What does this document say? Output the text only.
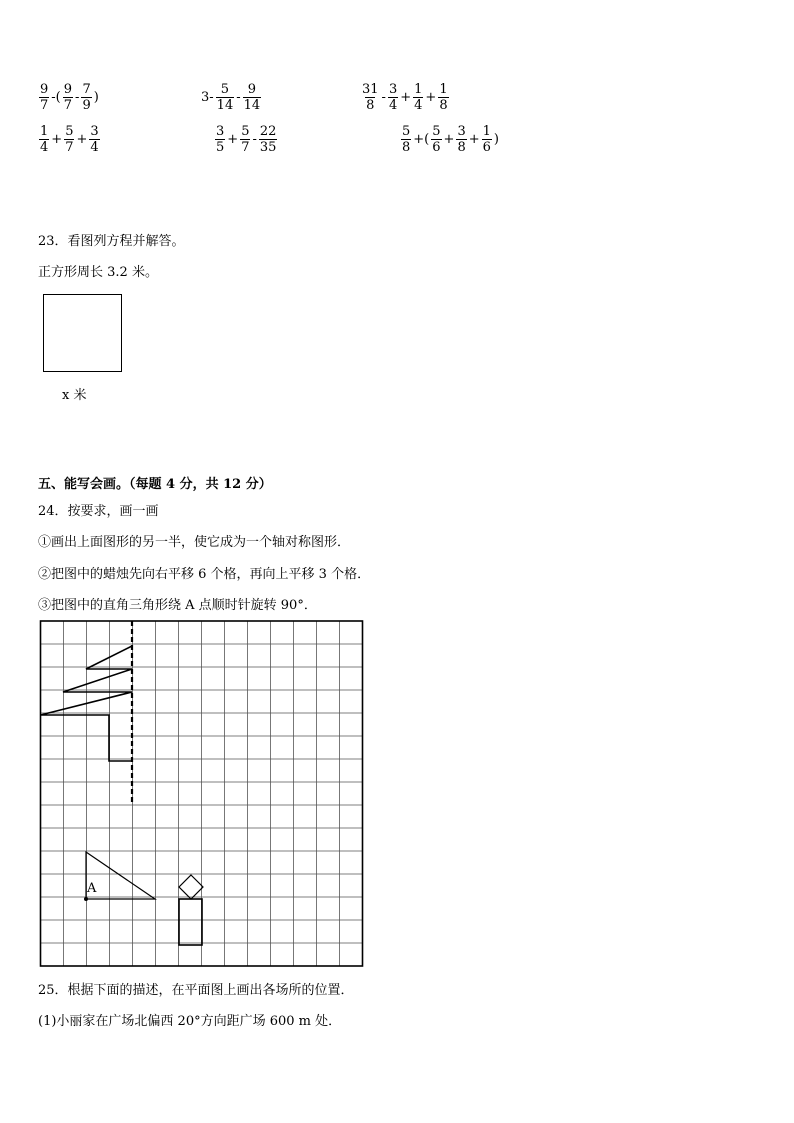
$\frac{9}{7}$ -( $\frac{9}{7} - \frac{7}{9}$ )	$3- \frac{5}{14} - \frac{9}{14}$	$\frac{31}{8} - \frac{3}{4} + \frac{1}{4} + \frac{1}{8}$
$\frac{1}{4} + \frac{5}{7} + \frac{3}{4}$	$\frac{3}{5} + \frac{5}{7} - \frac{22}{35}$	$\frac{5}{8}$ +( $\frac{5}{6} + \frac{3}{8} + \frac{1}{6}$ )
23．看图列方程并解答。
正方形周长 3.2 米。
x 米
五、能写会画。（每题 4 分，共 12 分）
24．按要求，画一画
①画出上面图形的另一半，使它成为一个轴对称图形．
②把图中的蜡烛先向右平移 6 个格，再向上平移 3 个格．
③把图中的直角三角形绕 A 点顺时针旋转 90°．
A
25．根据下面的描述，在平面图上画出各场所的位置．
(1)小丽家在广场北偏西 20°方向距广场 600 m 处．
